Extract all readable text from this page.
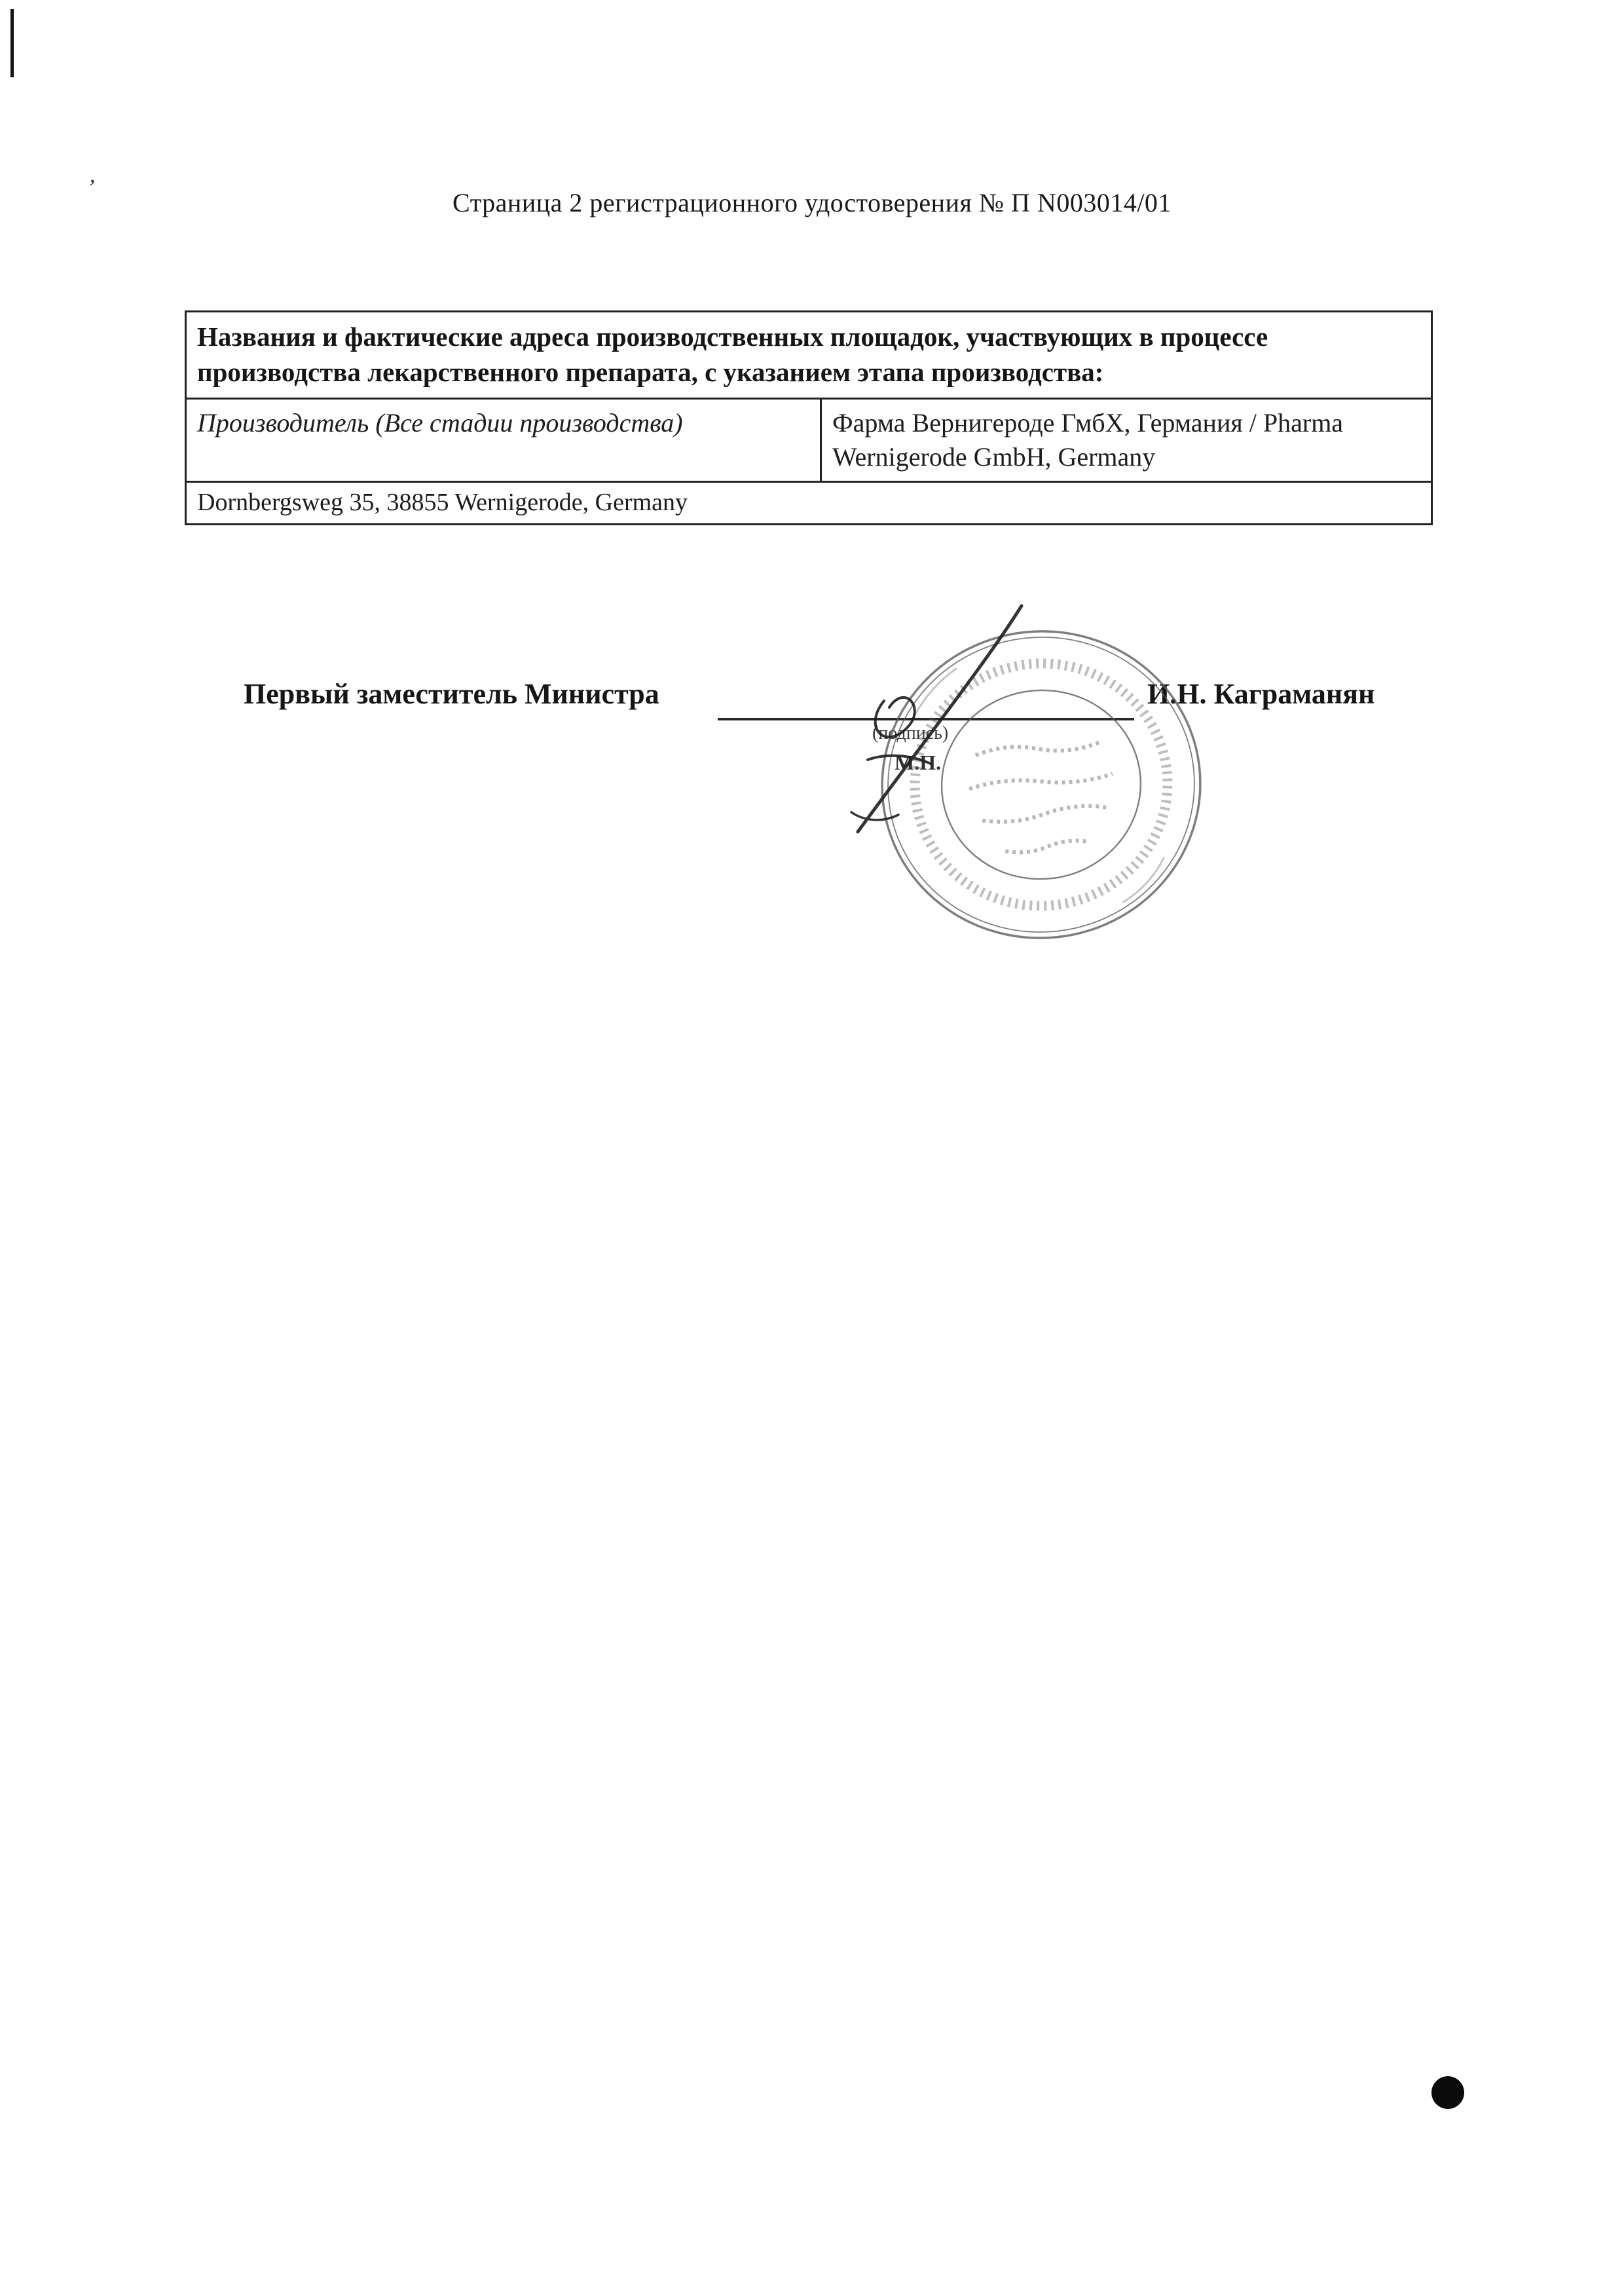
’
Страница 2 регистрационного удостоверения № П N003014/01
Названия и фактические адреса производственных площадок, участвующих в процессе производства лекарственного препарата, с указанием этапа производства:
Производитель (Все стадии производства)	Фарма Вернигероде ГмбХ, Германия / Pharma Wernigerode GmbH, Germany
Dornbergsweg 35, 38855 Wernigerode, Germany
Первый заместитель Министра
(подпись)
М.П.
И.Н. Каграманян
